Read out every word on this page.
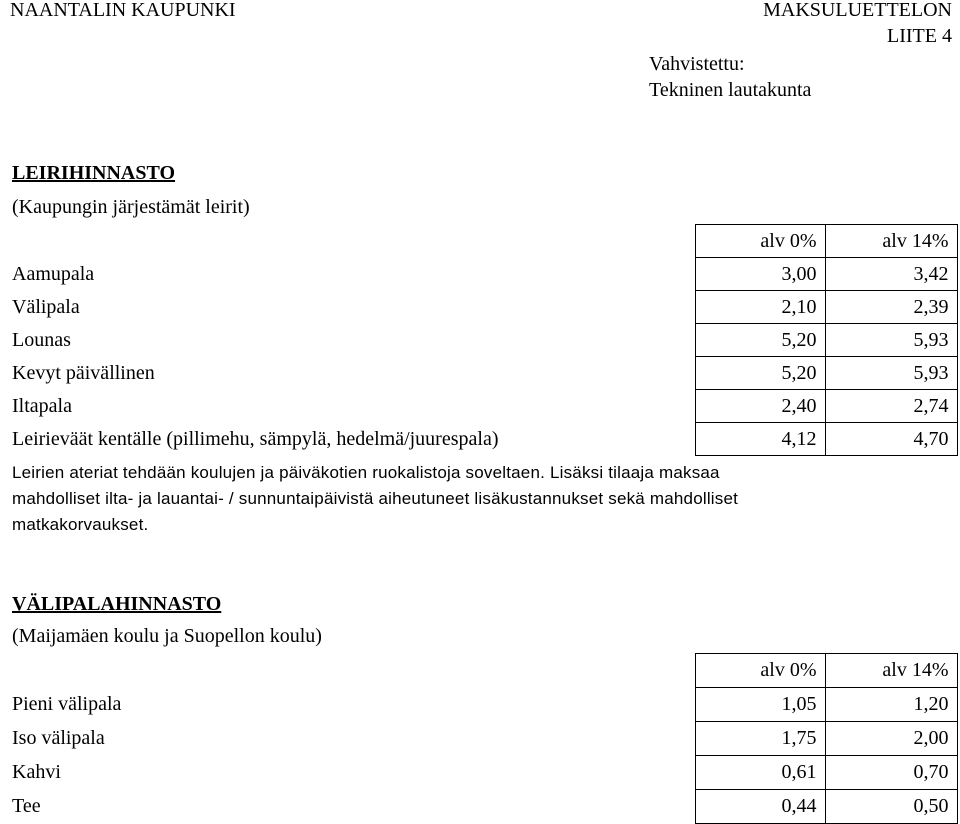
NAANTALIN KAUPUNKI	MAKSULUETTELON
LIITE 4
Vahvistettu:
Tekninen lautakunta
LEIRIHINNASTO
(Kaupungin järjestämät leirit)
	alv 0%	alv 14%
Aamupala	3,00	3,42
Välipala	2,10	2,39
Lounas	5,20	5,93
Kevyt päivällinen	5,20	5,93
Iltapala	2,40	2,74
Leirieväät kentälle (pillimehu, sämpylä, hedelmä/juurespala)	4,12	4,70
Leirien ateriat tehdään koulujen ja päiväkotien ruokalistoja soveltaen. Lisäksi tilaaja maksaa
mahdolliset ilta- ja lauantai- / sunnuntaipäivistä aiheutuneet lisäkustannukset sekä mahdolliset
matkakorvaukset.
VÄLIPALAHINNASTO
(Maijamäen koulu ja Suopellon koulu)
	alv 0%	alv 14%
Pieni välipala	1,05	1,20
Iso välipala	1,75	2,00
Kahvi	0,61	0,70
Tee	0,44	0,50
